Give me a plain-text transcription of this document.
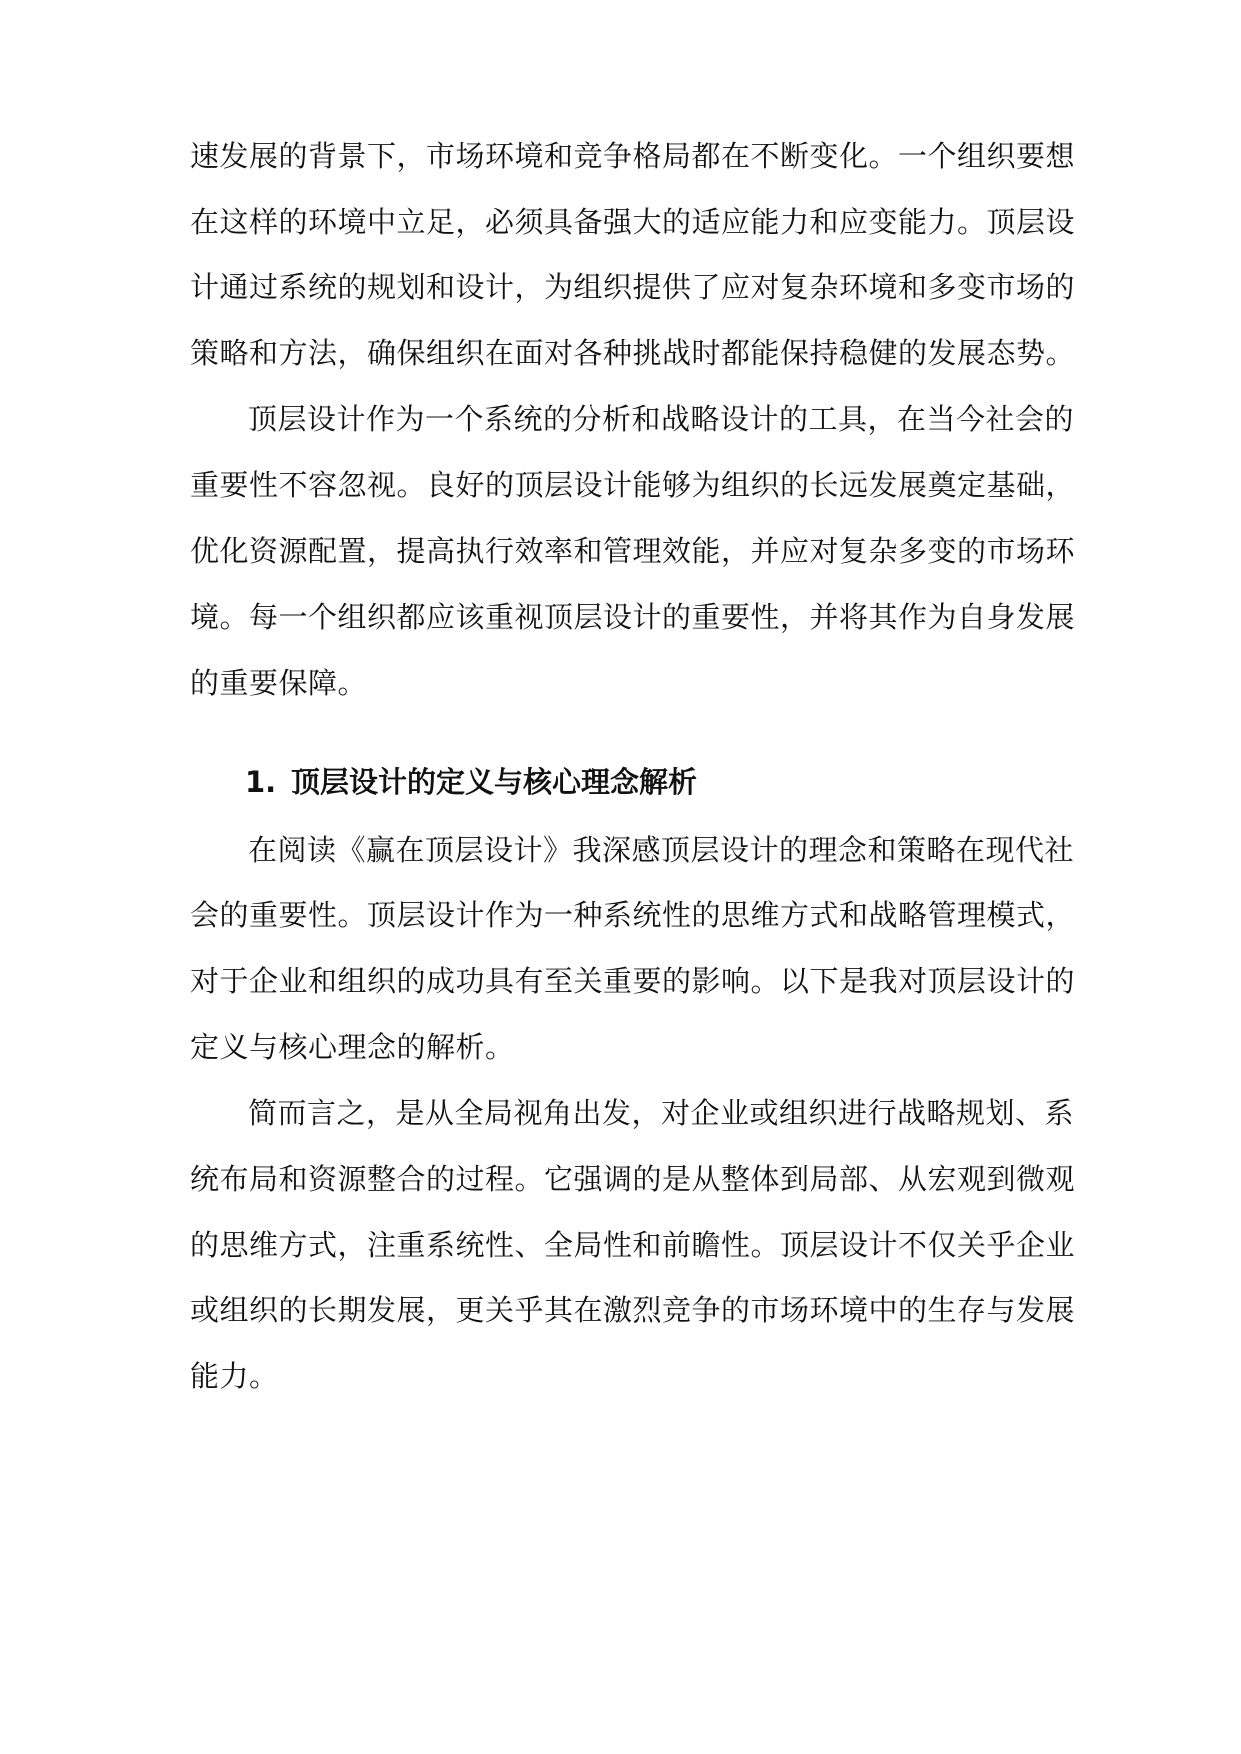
速发展的背景下，市场环境和竞争格局都在不断变化。一个组织要想
在这样的环境中立足，必须具备强大的适应能力和应变能力。顶层设
计通过系统的规划和设计，为组织提供了应对复杂环境和多变市场的
策略和方法，确保组织在面对各种挑战时都能保持稳健的发展态势。
顶层设计作为一个系统的分析和战略设计的工具，在当今社会的
重要性不容忽视。良好的顶层设计能够为组织的长远发展奠定基础，
优化资源配置，提高执行效率和管理效能，并应对复杂多变的市场环
境。每一个组织都应该重视顶层设计的重要性，并将其作为自身发展
的重要保障。
1. 顶层设计的定义与核心理念解析
在阅读《赢在顶层设计》我深感顶层设计的理念和策略在现代社
会的重要性。顶层设计作为一种系统性的思维方式和战略管理模式，
对于企业和组织的成功具有至关重要的影响。以下是我对顶层设计的
定义与核心理念的解析。
简而言之，是从全局视角出发，对企业或组织进行战略规划、系
统布局和资源整合的过程。它强调的是从整体到局部、从宏观到微观
的思维方式，注重系统性、全局性和前瞻性。顶层设计不仅关乎企业
或组织的长期发展，更关乎其在激烈竞争的市场环境中的生存与发展
能力。
